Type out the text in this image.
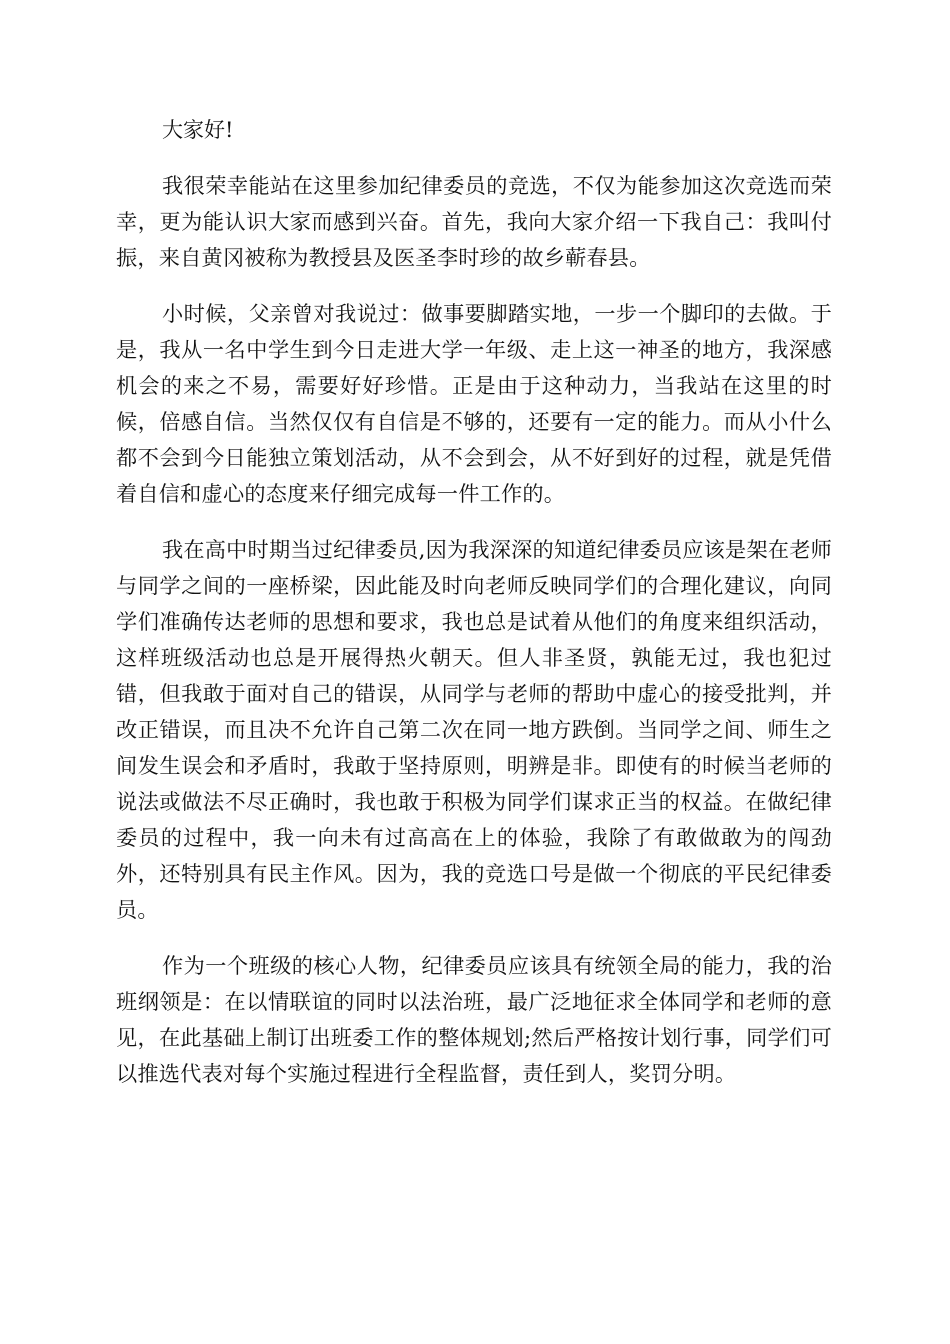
大家好!

我很荣幸能站在这里参加纪律委员的竞选，不仅为能参加这次竞选而荣幸，更为能认识大家而感到兴奋。首先，我向大家介绍一下我自己：我叫付振，来自黄冈被称为教授县及医圣李时珍的故乡蕲春县。

小时候，父亲曾对我说过：做事要脚踏实地，一步一个脚印的去做。于是，我从一名中学生到今日走进大学一年级、走上这一神圣的地方，我深感机会的来之不易，需要好好珍惜。正是由于这种动力，当我站在这里的时候，倍感自信。当然仅仅有自信是不够的，还要有一定的能力。而从小什么都不会到今日能独立策划活动，从不会到会，从不好到好的过程，就是凭借着自信和虚心的态度来仔细完成每一件工作的。

我在高中时期当过纪律委员,因为我深深的知道纪律委员应该是架在老师与同学之间的一座桥梁，因此能及时向老师反映同学们的合理化建议，向同学们准确传达老师的思想和要求，我也总是试着从他们的角度来组织活动，这样班级活动也总是开展得热火朝天。但人非圣贤，孰能无过，我也犯过错，但我敢于面对自己的错误，从同学与老师的帮助中虚心的接受批判，并改正错误，而且决不允许自己第二次在同一地方跌倒。当同学之间、师生之间发生误会和矛盾时，我敢于坚持原则，明辨是非。即使有的时候当老师的说法或做法不尽正确时，我也敢于积极为同学们谋求正当的权益。在做纪律委员的过程中，我一向未有过高高在上的体验，我除了有敢做敢为的闯劲外，还特别具有民主作风。因为，我的竞选口号是做一个彻底的平民纪律委员。

作为一个班级的核心人物，纪律委员应该具有统领全局的能力，我的治班纲领是：在以情联谊的同时以法治班，最广泛地征求全体同学和老师的意见，在此基础上制订出班委工作的整体规划;然后严格按计划行事，同学们可以推选代表对每个实施过程进行全程监督，责任到人，奖罚分明。
